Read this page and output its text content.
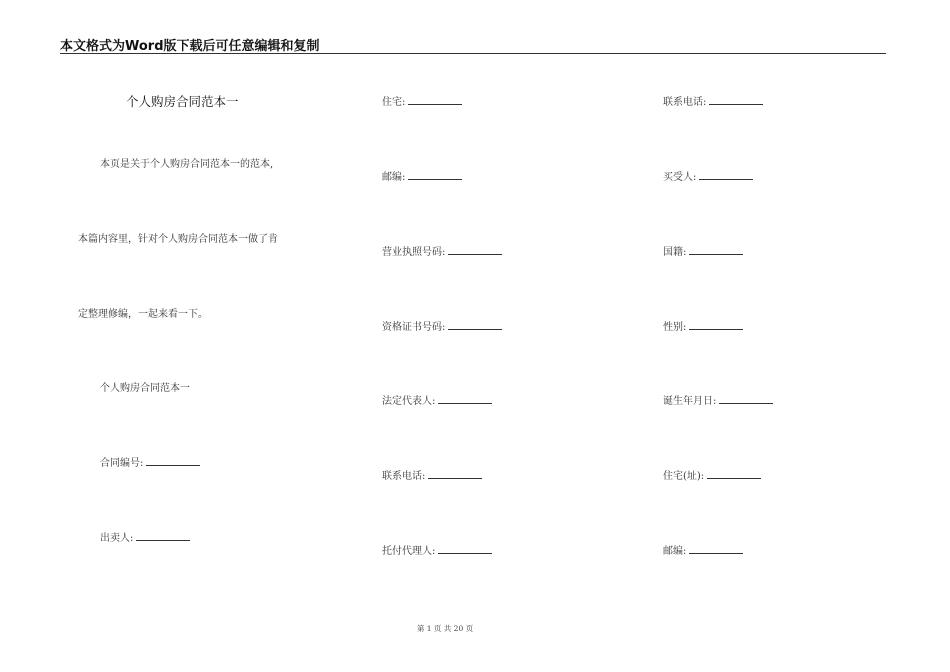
本文格式为Word版下载后可任意编辑和复制
个人购房合同范本一
本页是关于个人购房合同范本一的范本,
本篇内容里，针对个人购房合同范本一做了肯
定整理修编，一起来看一下。
个人购房合同范本一
合同编号:
出卖人:
住宅:
邮编:
营业执照号码:
资格证书号码:
法定代表人:
联系电话:
托付代理人:
联系电话:
买受人:
国籍:
性别:
诞生年月日:
住宅(址):
邮编:
第 1 页 共 20 页
